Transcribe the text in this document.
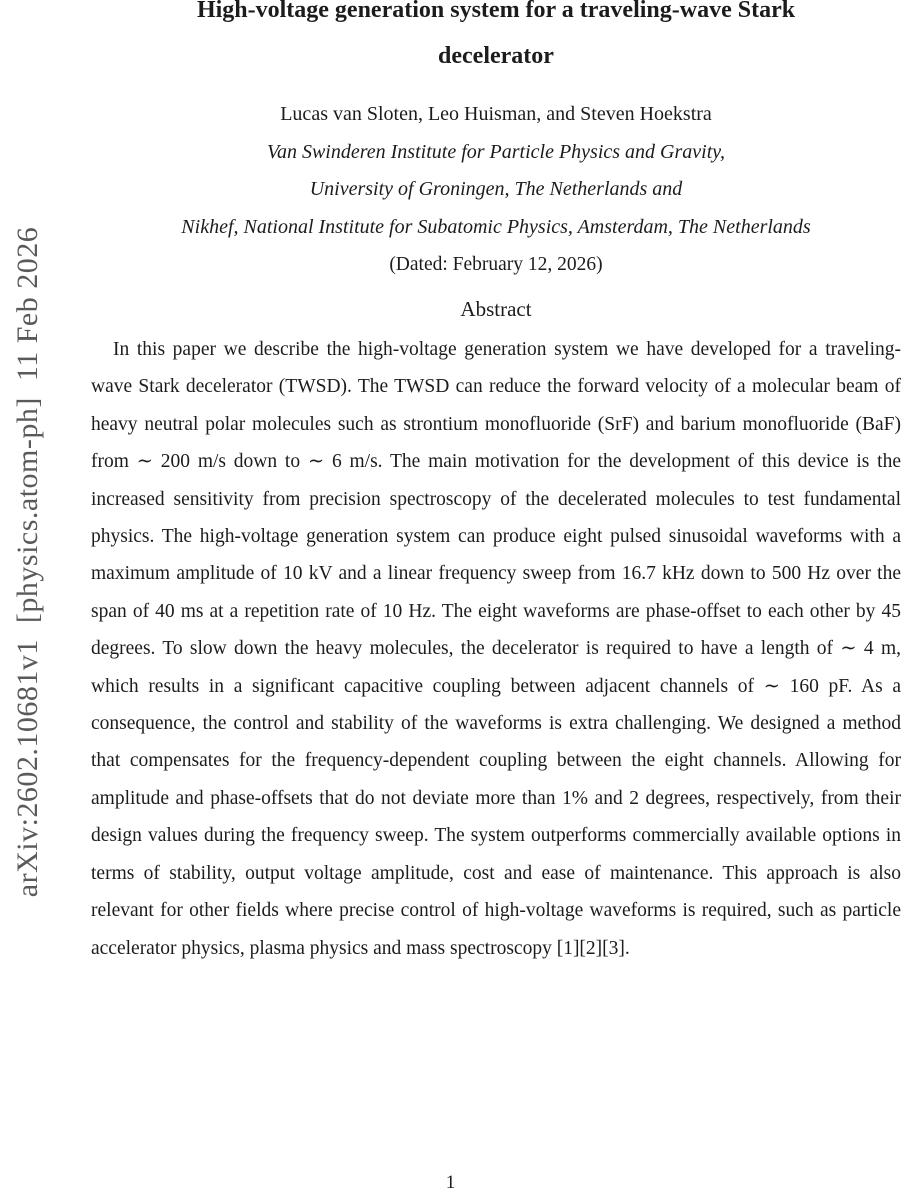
arXiv:2602.10681v1  [physics.atom-ph]  11 Feb 2026
High-voltage generation system for a traveling-wave Stark
decelerator
Lucas van Sloten, Leo Huisman, and Steven Hoekstra
Van Swinderen Institute for Particle Physics and Gravity,
University of Groningen, The Netherlands and
Nikhef, National Institute for Subatomic Physics, Amsterdam, The Netherlands
(Dated: February 12, 2026)
Abstract
In this paper we describe the high-voltage generation system we have developed for a traveling-wave Stark decelerator (TWSD). The TWSD can reduce the forward velocity of a molecular beam of heavy neutral polar molecules such as strontium monofluoride (SrF) and barium monofluoride (BaF) from ∼ 200 m/s down to ∼ 6 m/s. The main motivation for the development of this device is the increased sensitivity from precision spectroscopy of the decelerated molecules to test fundamental physics. The high-voltage generation system can produce eight pulsed sinusoidal waveforms with a maximum amplitude of 10 kV and a linear frequency sweep from 16.7 kHz down to 500 Hz over the span of 40 ms at a repetition rate of 10 Hz. The eight waveforms are phase-offset to each other by 45 degrees. To slow down the heavy molecules, the decelerator is required to have a length of ∼ 4 m, which results in a significant capacitive coupling between adjacent channels of ∼ 160 pF. As a consequence, the control and stability of the waveforms is extra challenging. We designed a method that compensates for the frequency-dependent coupling between the eight channels. Allowing for amplitude and phase-offsets that do not deviate more than 1% and 2 degrees, respectively, from their design values during the frequency sweep. The system outperforms commercially available options in terms of stability, output voltage amplitude, cost and ease of maintenance. This approach is also relevant for other fields where precise control of high-voltage waveforms is required, such as particle accelerator physics, plasma physics and mass spectroscopy [1][2][3].
1
